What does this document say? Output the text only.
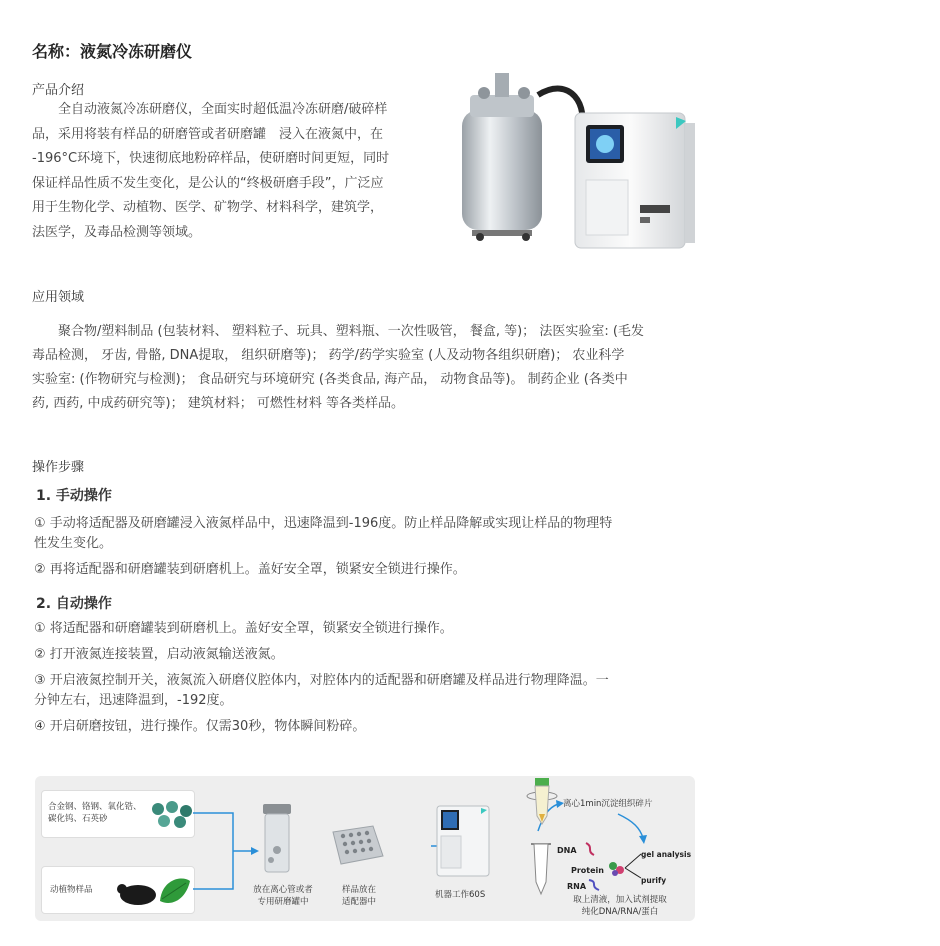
名称：液氮冷冻研磨仪
产品介绍

全自动液氮冷冻研磨仪，全面实时超低温冷冻研磨/破碎样

品，采用将装有样品的研磨管或者研磨罐　浸入在液氮中，在

-196°C环境下，快速彻底地粉碎样品，使研磨时间更短，同时

保证样品性质不发生变化，是公认的“终极研磨手段”，广泛应

用于生物化学、动植物、医学、矿物学、材料科学，建筑学，

法医学，及毒品检测等领域。

应用领域

聚合物/塑料制品 (包装材料、 塑料粒子、玩具、塑料瓶、一次性吸管， 餐盒, 等)； 法医实验室: (毛发

毒品检测， 牙齿, 骨骼, DNA提取， 组织研磨等)； 药学/药学实验室 (人及动物各组织研磨)； 农业科学

实验室: (作物研究与检测)； 食品研究与环境研究 (各类食品, 海产品， 动物食品等)。 制药企业 (各类中

药, 西药, 中成药研究等)； 建筑材料； 可燃性材料 等各类样品。

操作步骤
1. 手动操作
① 手动将适配器及研磨罐浸入液氮样品中，迅速降温到-196度。防止样品降解或实现让样品的物理特
性发生变化。
② 再将适配器和研磨罐装到研磨机上。盖好安全罩，锁紧安全锁进行操作。
2. 自动操作
① 将适配器和研磨罐装到研磨机上。盖好安全罩，锁紧安全锁进行操作。
② 打开液氮连接装置，启动液氮输送液氮。
③ 开启液氮控制开关，液氮流入研磨仪腔体内，对腔体内的适配器和研磨罐及样品进行物理降温。一
分钟左右，迅速降温到，-192度。
④ 开启研磨按钮，进行操作。仅需30秒，物体瞬间粉碎。
合金钢、铬钢、氧化锆、
碳化钨、石英砂
动植物样品	放在离心管或者
专用研磨罐中
样品放在
适配器中
机器工作60S
离心1min沉淀组织碎片
DNA
Protein
RNA
gel analysis
purify
取上清液，加入试剂提取
纯化DNA/RNA/蛋白
